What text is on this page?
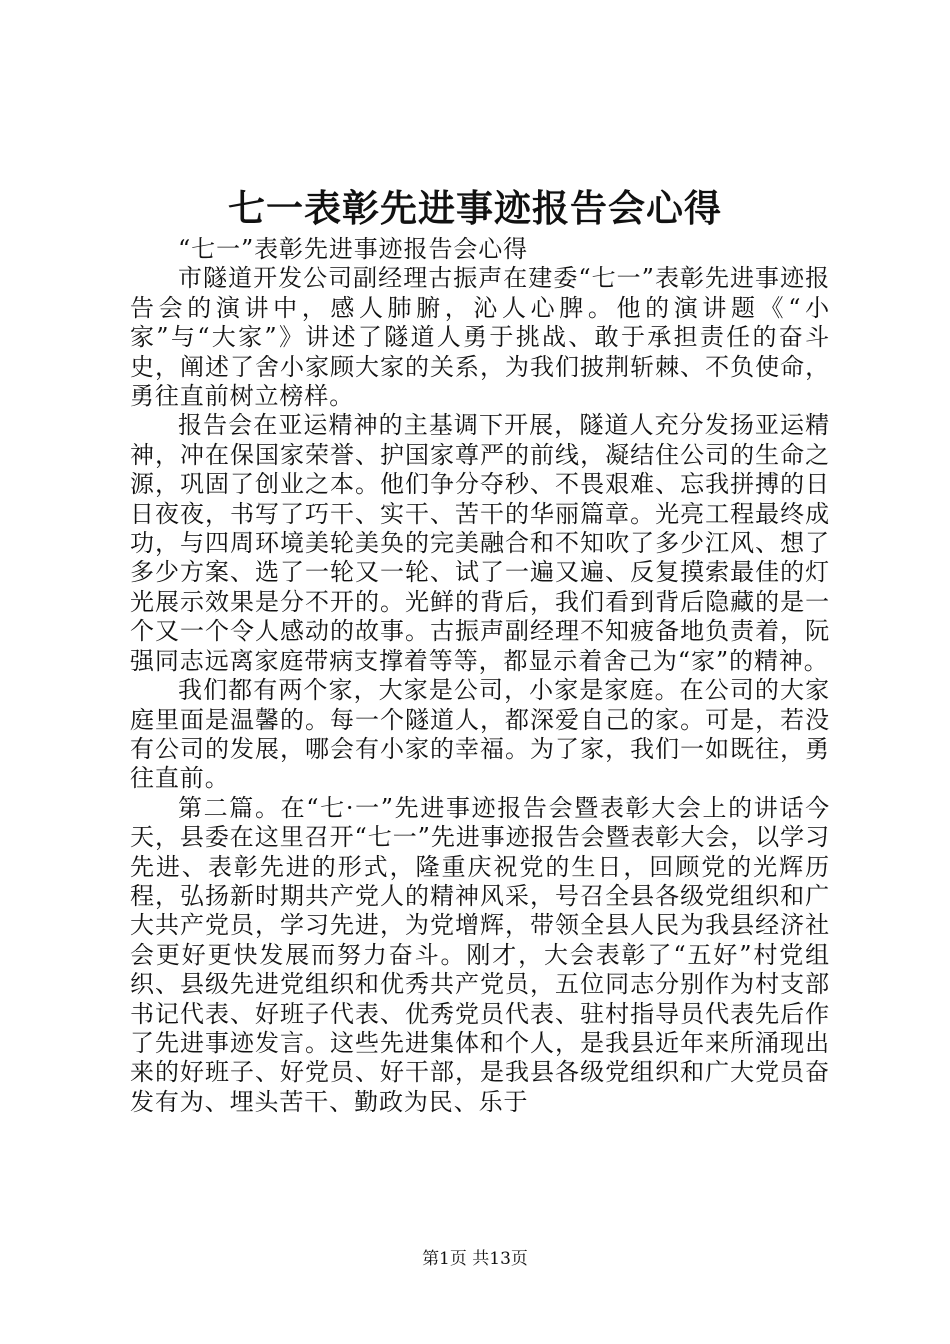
七一表彰先进事迹报告会心得

“七一”表彰先进事迹报告会心得

市隧道开发公司副经理古振声在建委“七一”表彰先进事迹报告会的演讲中，感人肺腑，沁人心脾。他的演讲题《“小家”与“大家”》讲述了隧道人勇于挑战、敢于承担责任的奋斗史，阐述了舍小家顾大家的关系，为我们披荆斩棘、不负使命，勇往直前树立榜样。

报告会在亚运精神的主基调下开展，隧道人充分发扬亚运精神，冲在保国家荣誉、护国家尊严的前线，凝结住公司的生命之源，巩固了创业之本。他们争分夺秒、不畏艰难、忘我拼搏的日日夜夜，书写了巧干、实干、苦干的华丽篇章。光亮工程最终成功，与四周环境美轮美奂的完美融合和不知吹了多少江风、想了多少方案、选了一轮又一轮、试了一遍又遍、反复摸索最佳的灯光展示效果是分不开的。光鲜的背后，我们看到背后隐藏的是一个又一个令人感动的故事。古振声副经理不知疲备地负责着，阮强同志远离家庭带病支撑着等等，都显示着舍己为“家”的精神。

我们都有两个家，大家是公司，小家是家庭。在公司的大家庭里面是温馨的。每一个隧道人，都深爱自己的家。可是，若没有公司的发展，哪会有小家的幸福。为了家，我们一如既往，勇往直前。

第二篇。在“七·一”先进事迹报告会暨表彰大会上的讲话今天，县委在这里召开“七一”先进事迹报告会暨表彰大会，以学习先进、表彰先进的形式，隆重庆祝党的生日，回顾党的光辉历程，弘扬新时期共产党人的精神风采，号召全县各级党组织和广大共产党员，学习先进，为党增辉，带领全县人民为我县经济社会更好更快发展而努力奋斗。刚才，大会表彰了“五好”村党组织、县级先进党组织和优秀共产党员，五位同志分别作为村支部书记代表、好班子代表、优秀党员代表、驻村指导员代表先后作了先进事迹发言。这些先进集体和个人，是我县近年来所涌现出来的好班子、好党员、好干部，是我县各级党组织和广大党员奋发有为、埋头苦干、勤政为民、乐于

第1页 共13页
